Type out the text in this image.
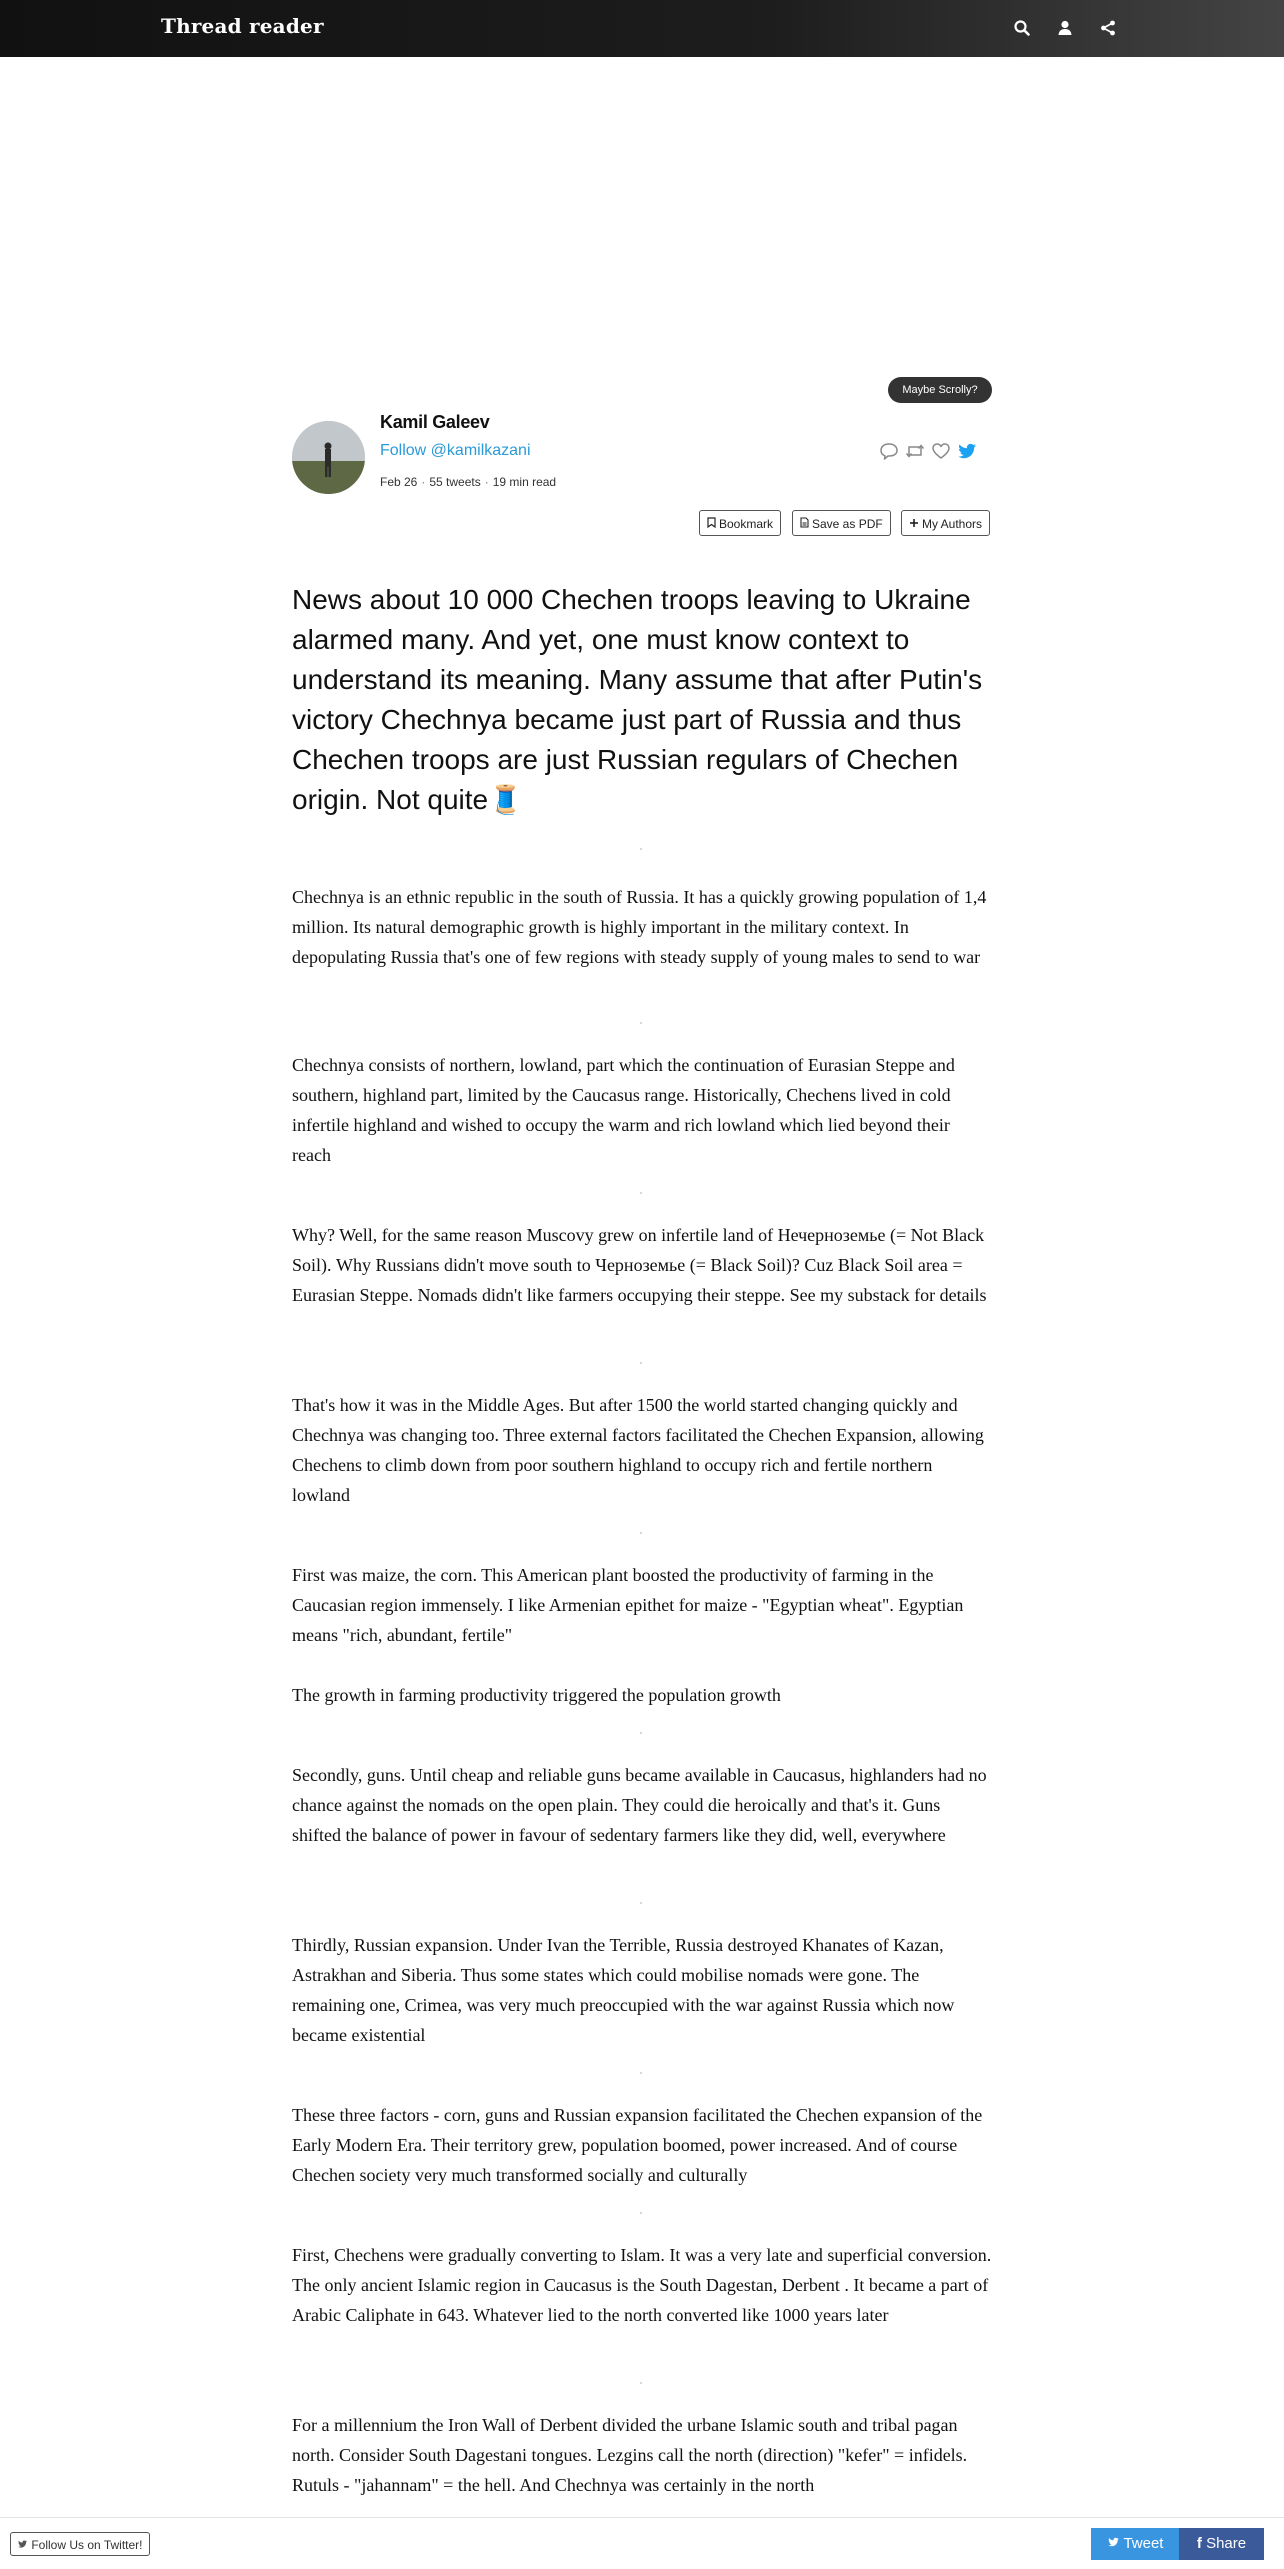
Thread reader
Maybe Scrolly?
Kamil Galeev
Follow @kamilkazani
Feb 26 · 55 tweets · 19 min read
Bookmark	Save as PDF	My Authors
News about 10 000 Chechen troops leaving to Ukraine alarmed many. And yet, one must know context to understand its meaning. Many assume that after Putin's victory Chechnya became just part of Russia and thus Chechen troops are just Russian regulars of Chechen origin. Not quite🧵

Chechnya is an ethnic republic in the south of Russia. It has a quickly growing population of 1,4 million. Its natural demographic growth is highly important in the military context. In depopulating Russia that's one of few regions with steady supply of young males to send to war

Chechnya consists of northern, lowland, part which the continuation of Eurasian Steppe and southern, highland part, limited by the Caucasus range. Historically, Chechens lived in cold infertile highland and wished to occupy the warm and rich lowland which lied beyond their reach

Why? Well, for the same reason Muscovy grew on infertile land of Нечерноземье (= Not Black Soil). Why Russians didn't move south to Черноземье (= Black Soil)? Cuz Black Soil area = Eurasian Steppe. Nomads didn't like farmers occupying their steppe. See my substack for details

That's how it was in the Middle Ages. But after 1500 the world started changing quickly and Chechnya was changing too. Three external factors facilitated the Chechen Expansion, allowing Chechens to climb down from poor southern highland to occupy rich and fertile northern lowland

First was maize, the corn. This American plant boosted the productivity of farming in the Caucasian region immensely. I like Armenian epithet for maize - "Egyptian wheat". Egyptian means "rich, abundant, fertile"

The growth in farming productivity triggered the population growth

Secondly, guns. Until cheap and reliable guns became available in Caucasus, highlanders had no chance against the nomads on the open plain. They could die heroically and that's it. Guns shifted the balance of power in favour of sedentary farmers like they did, well, everywhere

Thirdly, Russian expansion. Under Ivan the Terrible, Russia destroyed Khanates of Kazan, Astrakhan and Siberia. Thus some states which could mobilise nomads were gone. The remaining one, Crimea, was very much preoccupied with the war against Russia which now became existential

These three factors - corn, guns and Russian expansion facilitated the Chechen expansion of the Early Modern Era. Their territory grew, population boomed, power increased. And of course Chechen society very much transformed socially and culturally

First, Chechens were gradually converting to Islam. It was a very late and superficial conversion. The only ancient Islamic region in Caucasus is the South Dagestan, Derbent . It became a part of Arabic Caliphate in 643. Whatever lied to the north converted like 1000 years later

For a millennium the Iron Wall of Derbent divided the urbane Islamic south and tribal pagan north. Consider South Dagestani tongues. Lezgins call the north (direction) "kefer" = infidels. Rutuls - "jahannam" = the hell. And Chechnya was certainly in the north

Follow Us on Twitter!	Tweet	f Share
